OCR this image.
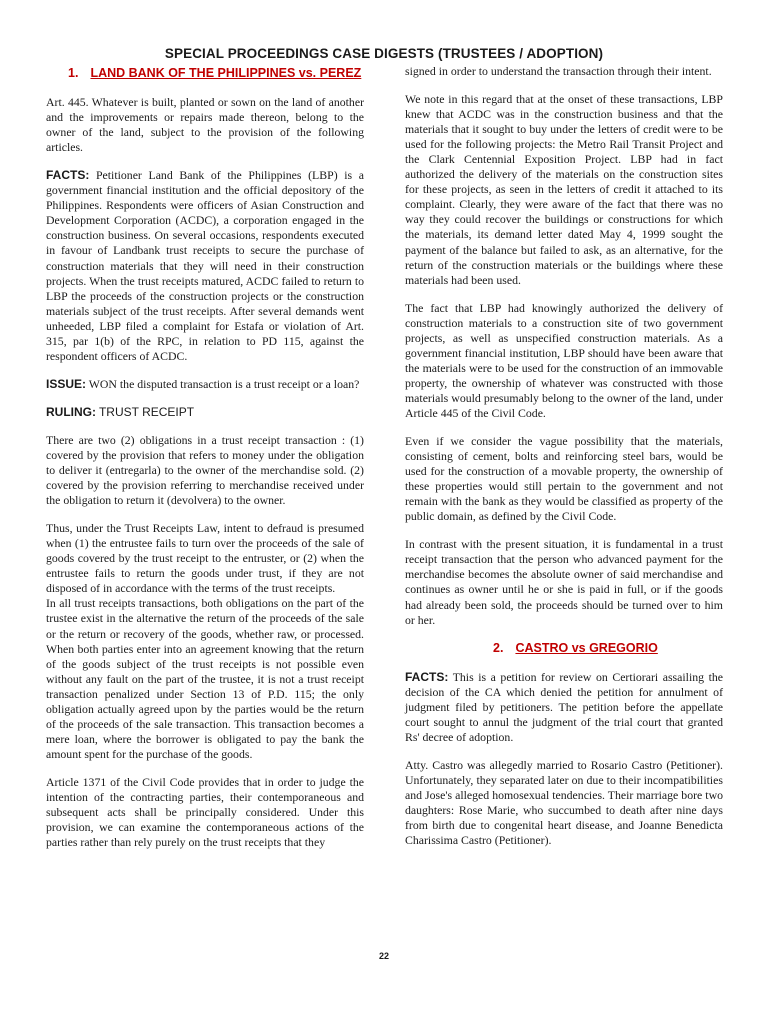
SPECIAL PROCEEDINGS CASE DIGESTS (TRUSTEES / ADOPTION)
1. LAND BANK OF THE PHILIPPINES vs. PEREZ

Art. 445. Whatever is built, planted or sown on the land of another and the improvements or repairs made thereon, belong to the owner of the land, subject to the provision of the following articles.

FACTS: Petitioner Land Bank of the Philippines (LBP) is a government financial institution and the official depository of the Philippines. Respondents were officers of Asian Construction and Development Corporation (ACDC), a corporation engaged in the construction business. On several occasions, respondents executed in favour of Landbank trust receipts to secure the purchase of construction materials that they will need in their construction projects. When the trust receipts matured, ACDC failed to return to LBP the proceeds of the construction projects or the construction materials subject of the trust receipts. After several demands went unheeded, LBP filed a complaint for Estafa or violation of Art. 315, par 1(b) of the RPC, in relation to PD 115, against the respondent officers of ACDC.

ISSUE: WON the disputed transaction is a trust receipt or a loan?

RULING: TRUST RECEIPT

There are two (2) obligations in a trust receipt transaction : (1) covered by the provision that refers to money under the obligation to deliver it (entregarla) to the owner of the merchandise sold. (2) covered by the provision referring to merchandise received under the obligation to return it (devolvera) to the owner.

Thus, under the Trust Receipts Law, intent to defraud is presumed when (1) the entrustee fails to turn over the proceeds of the sale of goods covered by the trust receipt to the entruster, or (2) when the entrustee fails to return the goods under trust, if they are not disposed of in accordance with the terms of the trust receipts.

In all trust receipts transactions, both obligations on the part of the trustee exist in the alternative the return of the proceeds of the sale or the return or recovery of the goods, whether raw, or processed. When both parties enter into an agreement knowing that the return of the goods subject of the trust receipts is not possible even without any fault on the part of the trustee, it is not a trust receipt transaction penalized under Section 13 of P.D. 115; the only obligation actually agreed upon by the parties would be the return of the proceeds of the sale transaction. This transaction becomes a mere loan, where the borrower is obligated to pay the bank the amount spent for the purchase of the goods.

Article 1371 of the Civil Code provides that in order to judge the intention of the contracting parties, their contemporaneous and subsequent acts shall be principally considered. Under this provision, we can examine the contemporaneous actions of the parties rather than rely purely on the trust receipts that they

signed in order to understand the transaction through their intent.

We note in this regard that at the onset of these transactions, LBP knew that ACDC was in the construction business and that the materials that it sought to buy under the letters of credit were to be used for the following projects: the Metro Rail Transit Project and the Clark Centennial Exposition Project. LBP had in fact authorized the delivery of the materials on the construction sites for these projects, as seen in the letters of credit it attached to its complaint. Clearly, they were aware of the fact that there was no way they could recover the buildings or constructions for which the materials, its demand letter dated May 4, 1999 sought the payment of the balance but failed to ask, as an alternative, for the return of the construction materials or the buildings where these materials had been used.

The fact that LBP had knowingly authorized the delivery of construction materials to a construction site of two government projects, as well as unspecified construction materials. As a government financial institution, LBP should have been aware that the materials were to be used for the construction of an immovable property, the ownership of whatever was constructed with those materials would presumably belong to the owner of the land, under Article 445 of the Civil Code.

Even if we consider the vague possibility that the materials, consisting of cement, bolts and reinforcing steel bars, would be used for the construction of a movable property, the ownership of these properties would still pertain to the government and not remain with the bank as they would be classified as property of the public domain, as defined by the Civil Code.

In contrast with the present situation, it is fundamental in a trust receipt transaction that the person who advanced payment for the merchandise becomes the absolute owner of said merchandise and continues as owner until he or she is paid in full, or if the goods had already been sold, the proceeds should be turned over to him or her.

2. CASTRO vs GREGORIO

FACTS: This is a petition for review on Certiorari assailing the decision of the CA which denied the petition for annulment of judgment filed by petitioners. The petition before the appellate court sought to annul the judgment of the trial court that granted Rs' decree of adoption.

Atty. Castro was allegedly married to Rosario Castro (Petitioner). Unfortunately, they separated later on due to their incompatibilities and Jose's alleged homosexual tendencies. Their marriage bore two daughters: Rose Marie, who succumbed to death after nine days from birth due to congenital heart disease, and Joanne Benedicta Charissima Castro (Petitioner).

22
